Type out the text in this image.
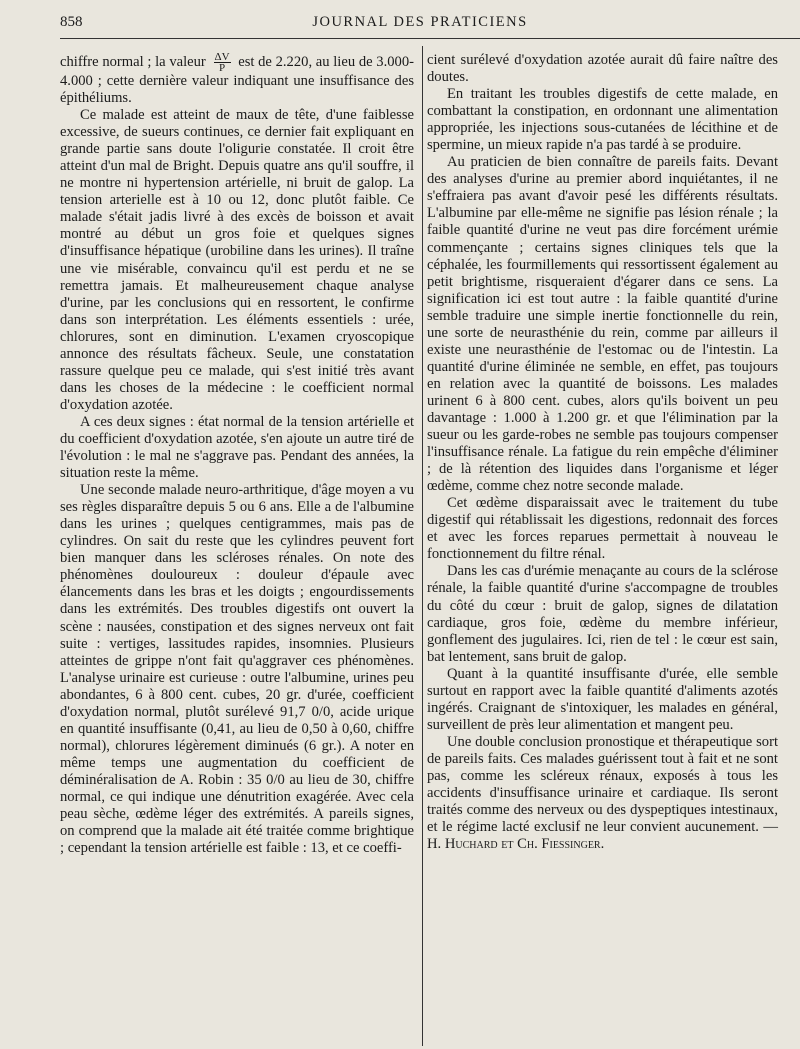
858	JOURNAL DES PRATICIENS

chiffre normal ; la valeur $\frac{\Delta V}{P}$ est de 2.220, au lieu de 3.000-4.000 ; cette dernière valeur indiquant une insuffisance des épithéliums.

Ce malade est atteint de maux de tête, d'une faiblesse excessive, de sueurs continues, ce dernier fait expliquant en grande partie sans doute l'oligurie constatée. Il croit être atteint d'un mal de Bright. Depuis quatre ans qu'il souffre, il ne montre ni hypertension artérielle, ni bruit de galop. La tension arterielle est à 10 ou 12, donc plutôt faible. Ce malade s'était jadis livré à des excès de boisson et avait montré au début un gros foie et quelques signes d'insuffisance hépatique (urobiline dans les urines). Il traîne une vie misérable, convaincu qu'il est perdu et ne se remettra jamais. Et malheureusement chaque analyse d'urine, par les conclusions qui en ressortent, le confirme dans son interprétation. Les éléments essentiels : urée, chlorures, sont en diminution. L'examen cryoscopique annonce des résultats fâcheux. Seule, une constatation rassure quelque peu ce malade, qui s'est initié très avant dans les choses de la médecine : le coefficient normal d'oxydation azotée.

A ces deux signes : état normal de la tension artérielle et du coefficient d'oxydation azotée, s'en ajoute un autre tiré de l'évolution : le mal ne s'aggrave pas. Pendant des années, la situation reste la même.

Une seconde malade neuro-arthritique, d'âge moyen a vu ses règles disparaître depuis 5 ou 6 ans. Elle a de l'albumine dans les urines ; quelques centigrammes, mais pas de cylindres. On sait du reste que les cylindres peuvent fort bien manquer dans les scléroses rénales. On note des phénomènes douloureux : douleur d'épaule avec élancements dans les bras et les doigts ; engourdissements dans les extrémités. Des troubles digestifs ont ouvert la scène : nausées, constipation et des signes nerveux ont fait suite : vertiges, lassitudes rapides, insomnies. Plusieurs atteintes de grippe n'ont fait qu'aggraver ces phénomènes. L'analyse urinaire est curieuse : outre l'albumine, urines peu abondantes, 6 à 800 cent. cubes, 20 gr. d'urée, coefficient d'oxydation normal, plutôt surélevé 91,7 0/0, acide urique en quantité insuffisante (0,41, au lieu de 0,50 à 0,60, chiffre normal), chlorures légèrement diminués (6 gr.). A noter en même temps une augmentation du coefficient de déminéralisation de A. Robin : 35 0/0 au lieu de 30, chiffre normal, ce qui indique une dénutrition exagérée. Avec cela peau sèche, œdème léger des extrémités. A pareils signes, on comprend que la malade ait été traitée comme brightique ; cependant la tension artérielle est faible : 13, et ce coeffi-

cient surélevé d'oxydation azotée aurait dû faire naître des doutes.

En traitant les troubles digestifs de cette malade, en combattant la constipation, en ordonnant une alimentation appropriée, les injections sous-cutanées de lécithine et de spermine, un mieux rapide n'a pas tardé à se produire.

Au praticien de bien connaître de pareils faits. Devant des analyses d'urine au premier abord inquiétantes, il ne s'effraiera pas avant d'avoir pesé les différents résultats. L'albumine par elle-même ne signifie pas lésion rénale ; la faible quantité d'urine ne veut pas dire forcément urémie commençante ; certains signes cliniques tels que la céphalée, les fourmillements qui ressortissent également au petit brightisme, risqueraient d'égarer dans ce sens. La signification ici est tout autre : la faible quantité d'urine semble traduire une simple inertie fonctionnelle du rein, une sorte de neurasthénie du rein, comme par ailleurs il existe une neurasthénie de l'estomac ou de l'intestin. La quantité d'urine éliminée ne semble, en effet, pas toujours en relation avec la quantité de boissons. Les malades urinent 6 à 800 cent. cubes, alors qu'ils boivent un peu davantage : 1.000 à 1.200 gr. et que l'élimination par la sueur ou les garde-robes ne semble pas toujours compenser l'insuffisance rénale. La fatigue du rein empêche d'éliminer ; de là rétention des liquides dans l'organisme et léger œdème, comme chez notre seconde malade.

Cet œdème disparaissait avec le traitement du tube digestif qui rétablissait les digestions, redonnait des forces et avec les forces reparues permettait à nouveau le fonctionnement du filtre rénal.

Dans les cas d'urémie menaçante au cours de la sclérose rénale, la faible quantité d'urine s'accompagne de troubles du côté du cœur : bruit de galop, signes de dilatation cardiaque, gros foie, œdème du membre inférieur, gonflement des jugulaires. Ici, rien de tel : le cœur est sain, bat lentement, sans bruit de galop.

Quant à la quantité insuffisante d'urée, elle semble surtout en rapport avec la faible quantité d'aliments azotés ingérés. Craignant de s'intoxiquer, les malades en général, surveillent de près leur alimentation et mangent peu.

Une double conclusion pronostique et thérapeutique sort de pareils faits. Ces malades guérissent tout à fait et ne sont pas, comme les scléreux rénaux, exposés à tous les accidents d'insuffisance urinaire et cardiaque. Ils seront traités comme des nerveux ou des dyspeptiques intestinaux, et le régime lacté exclusif ne leur convient aucunement. — H. Huchard et Ch. Fiessinger.
